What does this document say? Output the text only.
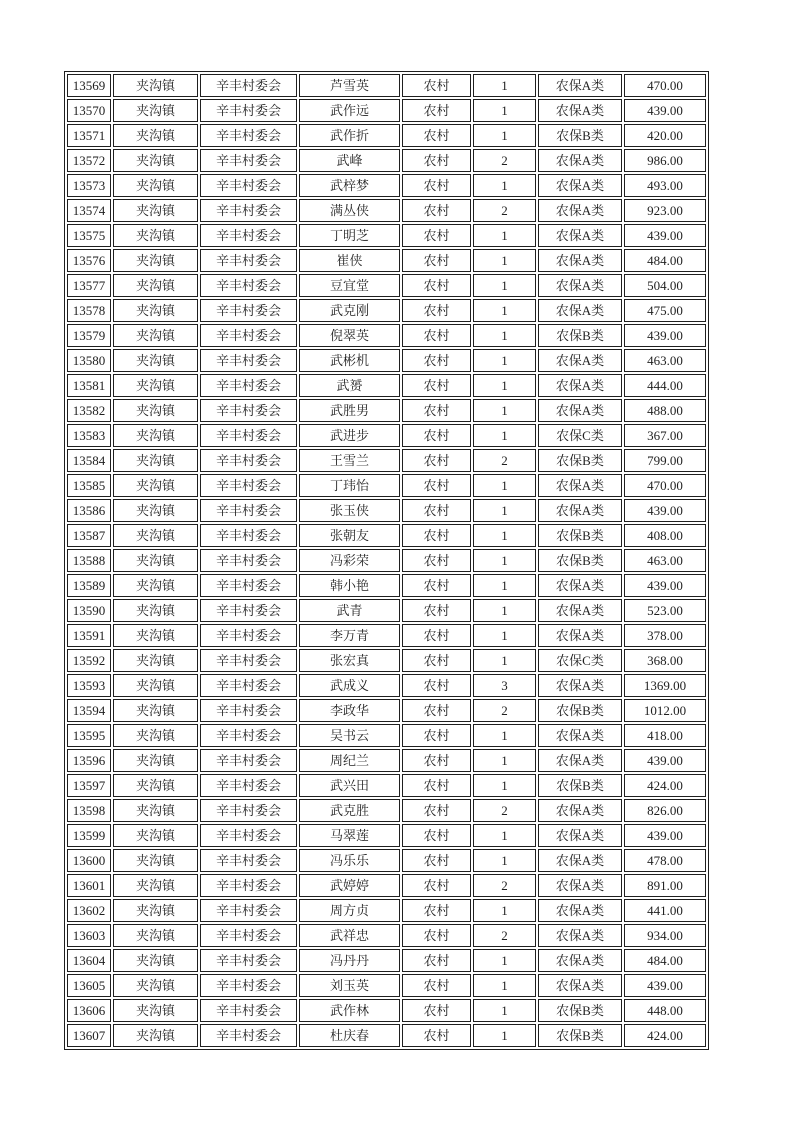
13569	夹沟镇	辛丰村委会	芦雪英	农村	1	农保A类	470.00
13570	夹沟镇	辛丰村委会	武作远	农村	1	农保A类	439.00
13571	夹沟镇	辛丰村委会	武作折	农村	1	农保B类	420.00
13572	夹沟镇	辛丰村委会	武峰	农村	2	农保A类	986.00
13573	夹沟镇	辛丰村委会	武梓梦	农村	1	农保A类	493.00
13574	夹沟镇	辛丰村委会	满丛侠	农村	2	农保A类	923.00
13575	夹沟镇	辛丰村委会	丁明芝	农村	1	农保A类	439.00
13576	夹沟镇	辛丰村委会	崔侠	农村	1	农保A类	484.00
13577	夹沟镇	辛丰村委会	豆宜堂	农村	1	农保A类	504.00
13578	夹沟镇	辛丰村委会	武克刚	农村	1	农保A类	475.00
13579	夹沟镇	辛丰村委会	倪翠英	农村	1	农保B类	439.00
13580	夹沟镇	辛丰村委会	武彬机	农村	1	农保A类	463.00
13581	夹沟镇	辛丰村委会	武赟	农村	1	农保A类	444.00
13582	夹沟镇	辛丰村委会	武胜男	农村	1	农保A类	488.00
13583	夹沟镇	辛丰村委会	武进步	农村	1	农保C类	367.00
13584	夹沟镇	辛丰村委会	王雪兰	农村	2	农保B类	799.00
13585	夹沟镇	辛丰村委会	丁玮怡	农村	1	农保A类	470.00
13586	夹沟镇	辛丰村委会	张玉侠	农村	1	农保A类	439.00
13587	夹沟镇	辛丰村委会	张朝友	农村	1	农保B类	408.00
13588	夹沟镇	辛丰村委会	冯彩荣	农村	1	农保B类	463.00
13589	夹沟镇	辛丰村委会	韩小艳	农村	1	农保A类	439.00
13590	夹沟镇	辛丰村委会	武青	农村	1	农保A类	523.00
13591	夹沟镇	辛丰村委会	李万青	农村	1	农保A类	378.00
13592	夹沟镇	辛丰村委会	张宏真	农村	1	农保C类	368.00
13593	夹沟镇	辛丰村委会	武成义	农村	3	农保A类	1369.00
13594	夹沟镇	辛丰村委会	李政华	农村	2	农保B类	1012.00
13595	夹沟镇	辛丰村委会	吴书云	农村	1	农保A类	418.00
13596	夹沟镇	辛丰村委会	周纪兰	农村	1	农保A类	439.00
13597	夹沟镇	辛丰村委会	武兴田	农村	1	农保B类	424.00
13598	夹沟镇	辛丰村委会	武克胜	农村	2	农保A类	826.00
13599	夹沟镇	辛丰村委会	马翠莲	农村	1	农保A类	439.00
13600	夹沟镇	辛丰村委会	冯乐乐	农村	1	农保A类	478.00
13601	夹沟镇	辛丰村委会	武婷婷	农村	2	农保A类	891.00
13602	夹沟镇	辛丰村委会	周方贞	农村	1	农保A类	441.00
13603	夹沟镇	辛丰村委会	武祥忠	农村	2	农保A类	934.00
13604	夹沟镇	辛丰村委会	冯丹丹	农村	1	农保A类	484.00
13605	夹沟镇	辛丰村委会	刘玉英	农村	1	农保A类	439.00
13606	夹沟镇	辛丰村委会	武作林	农村	1	农保B类	448.00
13607	夹沟镇	辛丰村委会	杜庆春	农村	1	农保B类	424.00
